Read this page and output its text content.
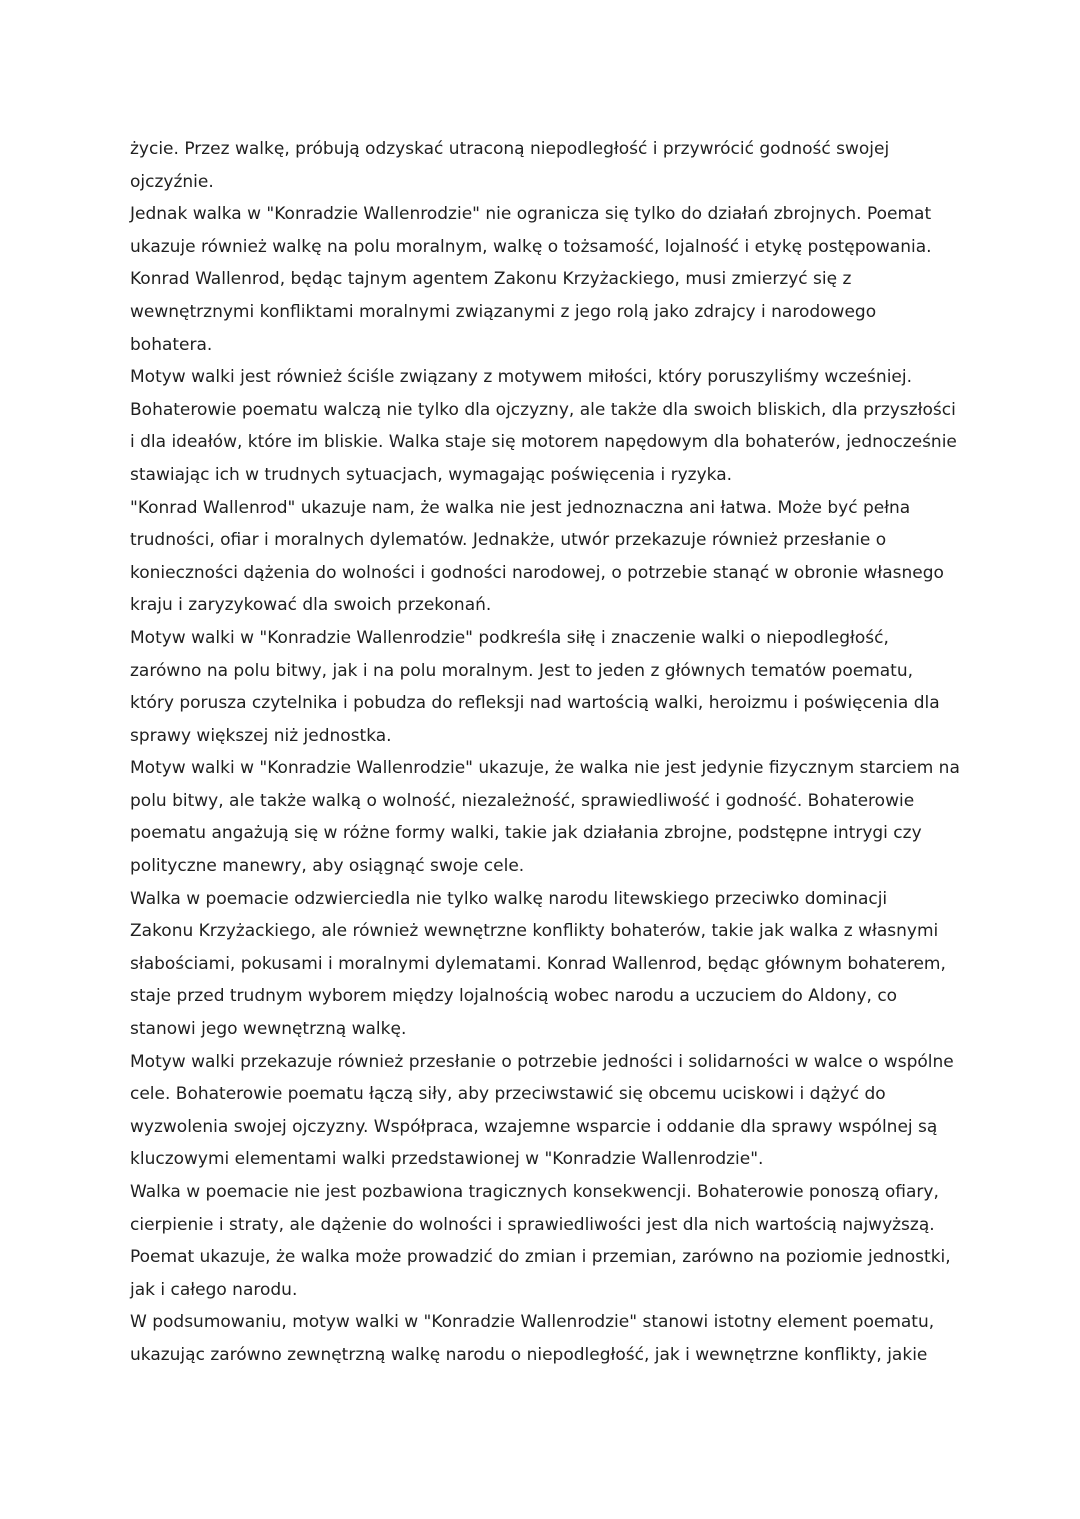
życie. Przez walkę, próbują odzyskać utraconą niepodległość i przywrócić godność swojej
ojczyźnie.
Jednak walka w "Konradzie Wallenrodzie" nie ogranicza się tylko do działań zbrojnych. Poemat
ukazuje również walkę na polu moralnym, walkę o tożsamość, lojalność i etykę postępowania.
Konrad Wallenrod, będąc tajnym agentem Zakonu Krzyżackiego, musi zmierzyć się z
wewnętrznymi konfliktami moralnymi związanymi z jego rolą jako zdrajcy i narodowego
bohatera.
Motyw walki jest również ściśle związany z motywem miłości, który poruszyliśmy wcześniej.
Bohaterowie poematu walczą nie tylko dla ojczyzny, ale także dla swoich bliskich, dla przyszłości
i dla ideałów, które im bliskie. Walka staje się motorem napędowym dla bohaterów, jednocześnie
stawiając ich w trudnych sytuacjach, wymagając poświęcenia i ryzyka.
"Konrad Wallenrod" ukazuje nam, że walka nie jest jednoznaczna ani łatwa. Może być pełna
trudności, ofiar i moralnych dylematów. Jednakże, utwór przekazuje również przesłanie o
konieczności dążenia do wolności i godności narodowej, o potrzebie stanąć w obronie własnego
kraju i zaryzykować dla swoich przekonań.
Motyw walki w "Konradzie Wallenrodzie" podkreśla siłę i znaczenie walki o niepodległość,
zarówno na polu bitwy, jak i na polu moralnym. Jest to jeden z głównych tematów poematu,
który porusza czytelnika i pobudza do refleksji nad wartością walki, heroizmu i poświęcenia dla
sprawy większej niż jednostka.
Motyw walki w "Konradzie Wallenrodzie" ukazuje, że walka nie jest jedynie fizycznym starciem na
polu bitwy, ale także walką o wolność, niezależność, sprawiedliwość i godność. Bohaterowie
poematu angażują się w różne formy walki, takie jak działania zbrojne, podstępne intrygi czy
polityczne manewry, aby osiągnąć swoje cele.
Walka w poemacie odzwierciedla nie tylko walkę narodu litewskiego przeciwko dominacji
Zakonu Krzyżackiego, ale również wewnętrzne konflikty bohaterów, takie jak walka z własnymi
słabościami, pokusami i moralnymi dylematami. Konrad Wallenrod, będąc głównym bohaterem,
staje przed trudnym wyborem między lojalnością wobec narodu a uczuciem do Aldony, co
stanowi jego wewnętrzną walkę.
Motyw walki przekazuje również przesłanie o potrzebie jedności i solidarności w walce o wspólne
cele. Bohaterowie poematu łączą siły, aby przeciwstawić się obcemu uciskowi i dążyć do
wyzwolenia swojej ojczyzny. Współpraca, wzajemne wsparcie i oddanie dla sprawy wspólnej są
kluczowymi elementami walki przedstawionej w "Konradzie Wallenrodzie".
Walka w poemacie nie jest pozbawiona tragicznych konsekwencji. Bohaterowie ponoszą ofiary,
cierpienie i straty, ale dążenie do wolności i sprawiedliwości jest dla nich wartością najwyższą.
Poemat ukazuje, że walka może prowadzić do zmian i przemian, zarówno na poziomie jednostki,
jak i całego narodu.
W podsumowaniu, motyw walki w "Konradzie Wallenrodzie" stanowi istotny element poematu,
ukazując zarówno zewnętrzną walkę narodu o niepodległość, jak i wewnętrzne konflikty, jakie
